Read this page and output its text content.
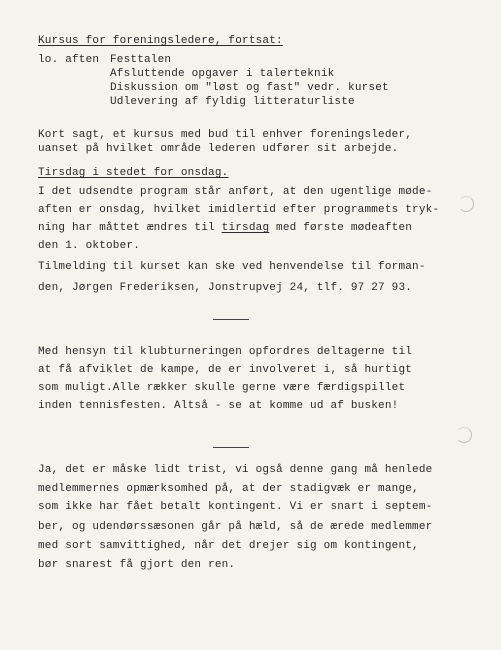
Kursus for foreningsledere, fortsat:
lo. aften Festtalen
Afsluttende opgaver i talerteknik
Diskussion om "løst og fast" vedr. kurset
Udlevering af fyldig litteraturliste
Kort sagt, et kursus med bud til enhver foreningsleder,
uanset på hvilket område lederen udfører sit arbejde.
Tirsdag i stedet for onsdag.
I det udsendte program står anført, at den ugentlige møde-
aften er onsdag, hvilket imidlertid efter programmets tryk-
ning har måttet ændres til tirsdag med første mødeaften
den 1. oktober.
Tilmelding til kurset kan ske ved henvendelse til forman-
den, Jørgen Frederiksen, Jonstrupvej 24, tlf. 97 27 93.
Med hensyn til klubturneringen opfordres deltagerne til
at få afviklet de kampe, de er involveret i, så hurtigt
som muligt.Alle rækker skulle gerne være færdigspillet
inden tennisfesten. Altså - se at komme ud af busken!
Ja, det er måske lidt trist, vi også denne gang må henlede
medlemmernes opmærksomhed på, at der stadigvæk er mange,
som ikke har fået betalt kontingent. Vi er snart i septem-
ber, og udendørssæsonen går på hæld, så de ærede medlemmer
med sort samvittighed, når det drejer sig om kontingent,
bør snarest få gjort den ren.
